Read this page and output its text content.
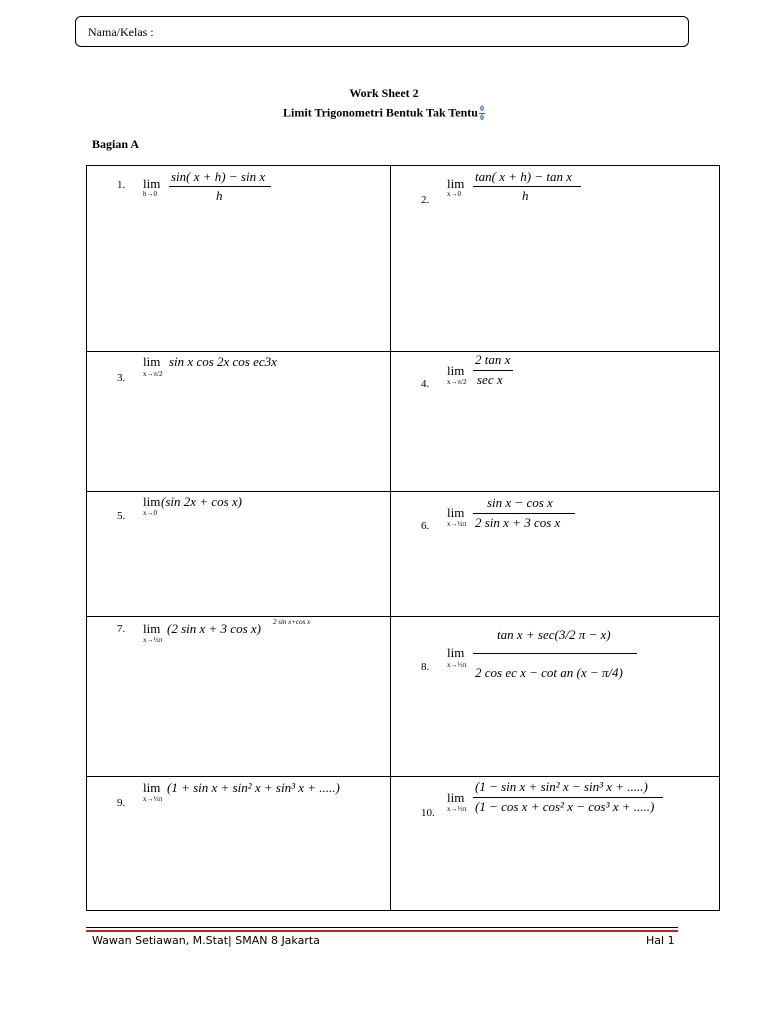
Nama/Kelas :
Work Sheet 2
Limit Trigonometri Bentuk Tak Tentu $\frac{0}{0}$
Bagian A
1. lim
h→0
sin( x + h) − sin x
h	2.
lim
x→0
tan( x + h) − tan x
h
3.
lim
x→π/2
sin x cos 2x cos ec3x
4.
lim
x→π/2
2 tan x
sec x
5.
lim
x→0
(sin 2x + cos x)
6.
lim
x→¼π
sin x − cos x
2 sin x + 3 cos x
7. lim
x→½π
(2 sin x + 3 cos x) 2 sin x+cos x
8.
lim
x→⅓π
tan x + sec(3/2 π − x)
2 cos ec x − cot an (x − π/4)
9.
lim
x→⅓π
(1 + sin x + sin² x + sin³ x + .....)
10.
lim
x→⅓π
(1 − sin x + sin² x − sin³ x + .....)
(1 − cos x + cos² x − cos³ x + .....)
Wawan Setiawan, M.Stat| SMAN 8 Jakarta	Hal 1
